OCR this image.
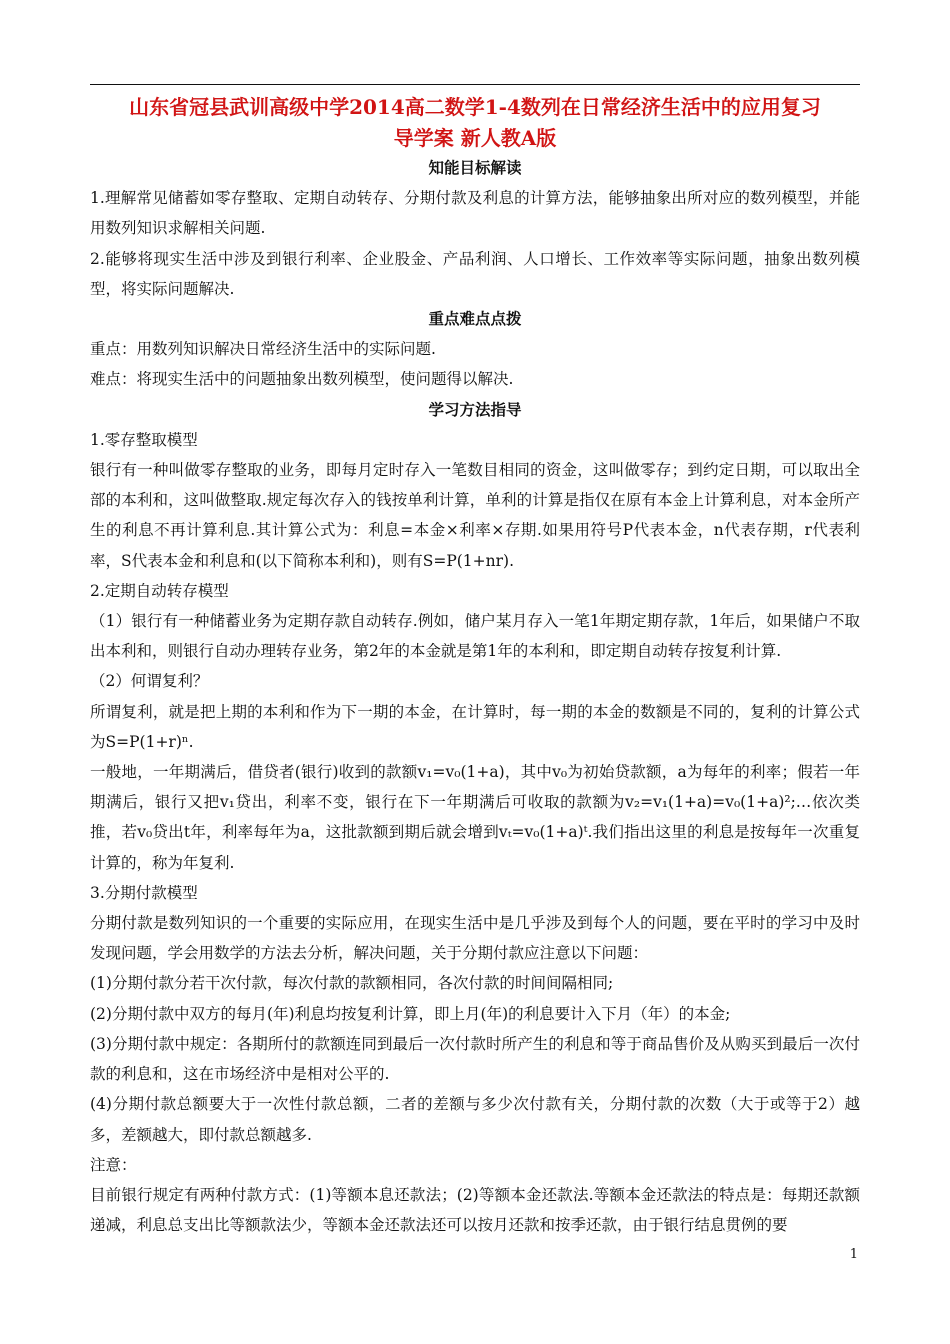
山东省冠县武训高级中学2014高二数学1-4数列在日常经济生活中的应用复习
导学案 新人教A版
知能目标解读

1.理解常见储蓄如零存整取、定期自动转存、分期付款及利息的计算方法，能够抽象出所对应的数列模型，并能用数列知识求解相关问题.

2.能够将现实生活中涉及到银行利率、企业股金、产品利润、人口增长、工作效率等实际问题，抽象出数列模型，将实际问题解决.

重点难点点拨

重点：用数列知识解决日常经济生活中的实际问题.

难点：将现实生活中的问题抽象出数列模型，使问题得以解决.

学习方法指导

1.零存整取模型

银行有一种叫做零存整取的业务，即每月定时存入一笔数目相同的资金，这叫做零存；到约定日期，可以取出全部的本利和，这叫做整取.规定每次存入的钱按单利计算，单利的计算是指仅在原有本金上计算利息，对本金所产生的利息不再计算利息.其计算公式为：利息=本金×利率×存期.如果用符号P代表本金，n代表存期，r代表利率，S代表本金和利息和(以下简称本利和)，则有S=P(1+nr).

2.定期自动转存模型

（1）银行有一种储蓄业务为定期存款自动转存.例如，储户某月存入一笔1年期定期存款，1年后，如果储户不取出本利和，则银行自动办理转存业务，第2年的本金就是第1年的本利和，即定期自动转存按复利计算.

（2）何谓复利？

所谓复利，就是把上期的本利和作为下一期的本金，在计算时，每一期的本金的数额是不同的，复利的计算公式为S=P(1+r)ⁿ.

一般地，一年期满后，借贷者(银行)收到的款额v₁=v₀(1+a)，其中v₀为初始贷款额，a为每年的利率；假若一年期满后，银行又把v₁贷出，利率不变，银行在下一年期满后可收取的款额为v₂=v₁(1+a)=v₀(1+a)²;…依次类推，若v₀贷出t年，利率每年为a，这批款额到期后就会增到vₜ=v₀(1+a)ᵗ.我们指出这里的利息是按每年一次重复计算的，称为年复利.

3.分期付款模型

分期付款是数列知识的一个重要的实际应用，在现实生活中是几乎涉及到每个人的问题，要在平时的学习中及时发现问题，学会用数学的方法去分析，解决问题，关于分期付款应注意以下问题：

(1)分期付款分若干次付款，每次付款的款额相同，各次付款的时间间隔相同;

(2)分期付款中双方的每月(年)利息均按复利计算，即上月(年)的利息要计入下月（年）的本金;

(3)分期付款中规定：各期所付的款额连同到最后一次付款时所产生的利息和等于商品售价及从购买到最后一次付款的利息和，这在市场经济中是相对公平的.

(4)分期付款总额要大于一次性付款总额，二者的差额与多少次付款有关，分期付款的次数（大于或等于2）越多，差额越大，即付款总额越多.

注意：

目前银行规定有两种付款方式：(1)等额本息还款法；(2)等额本金还款法.等额本金还款法的特点是：每期还款额递减，利息总支出比等额款法少，等额本金还款法还可以按月还款和按季还款，由于银行结息贯例的要

1
